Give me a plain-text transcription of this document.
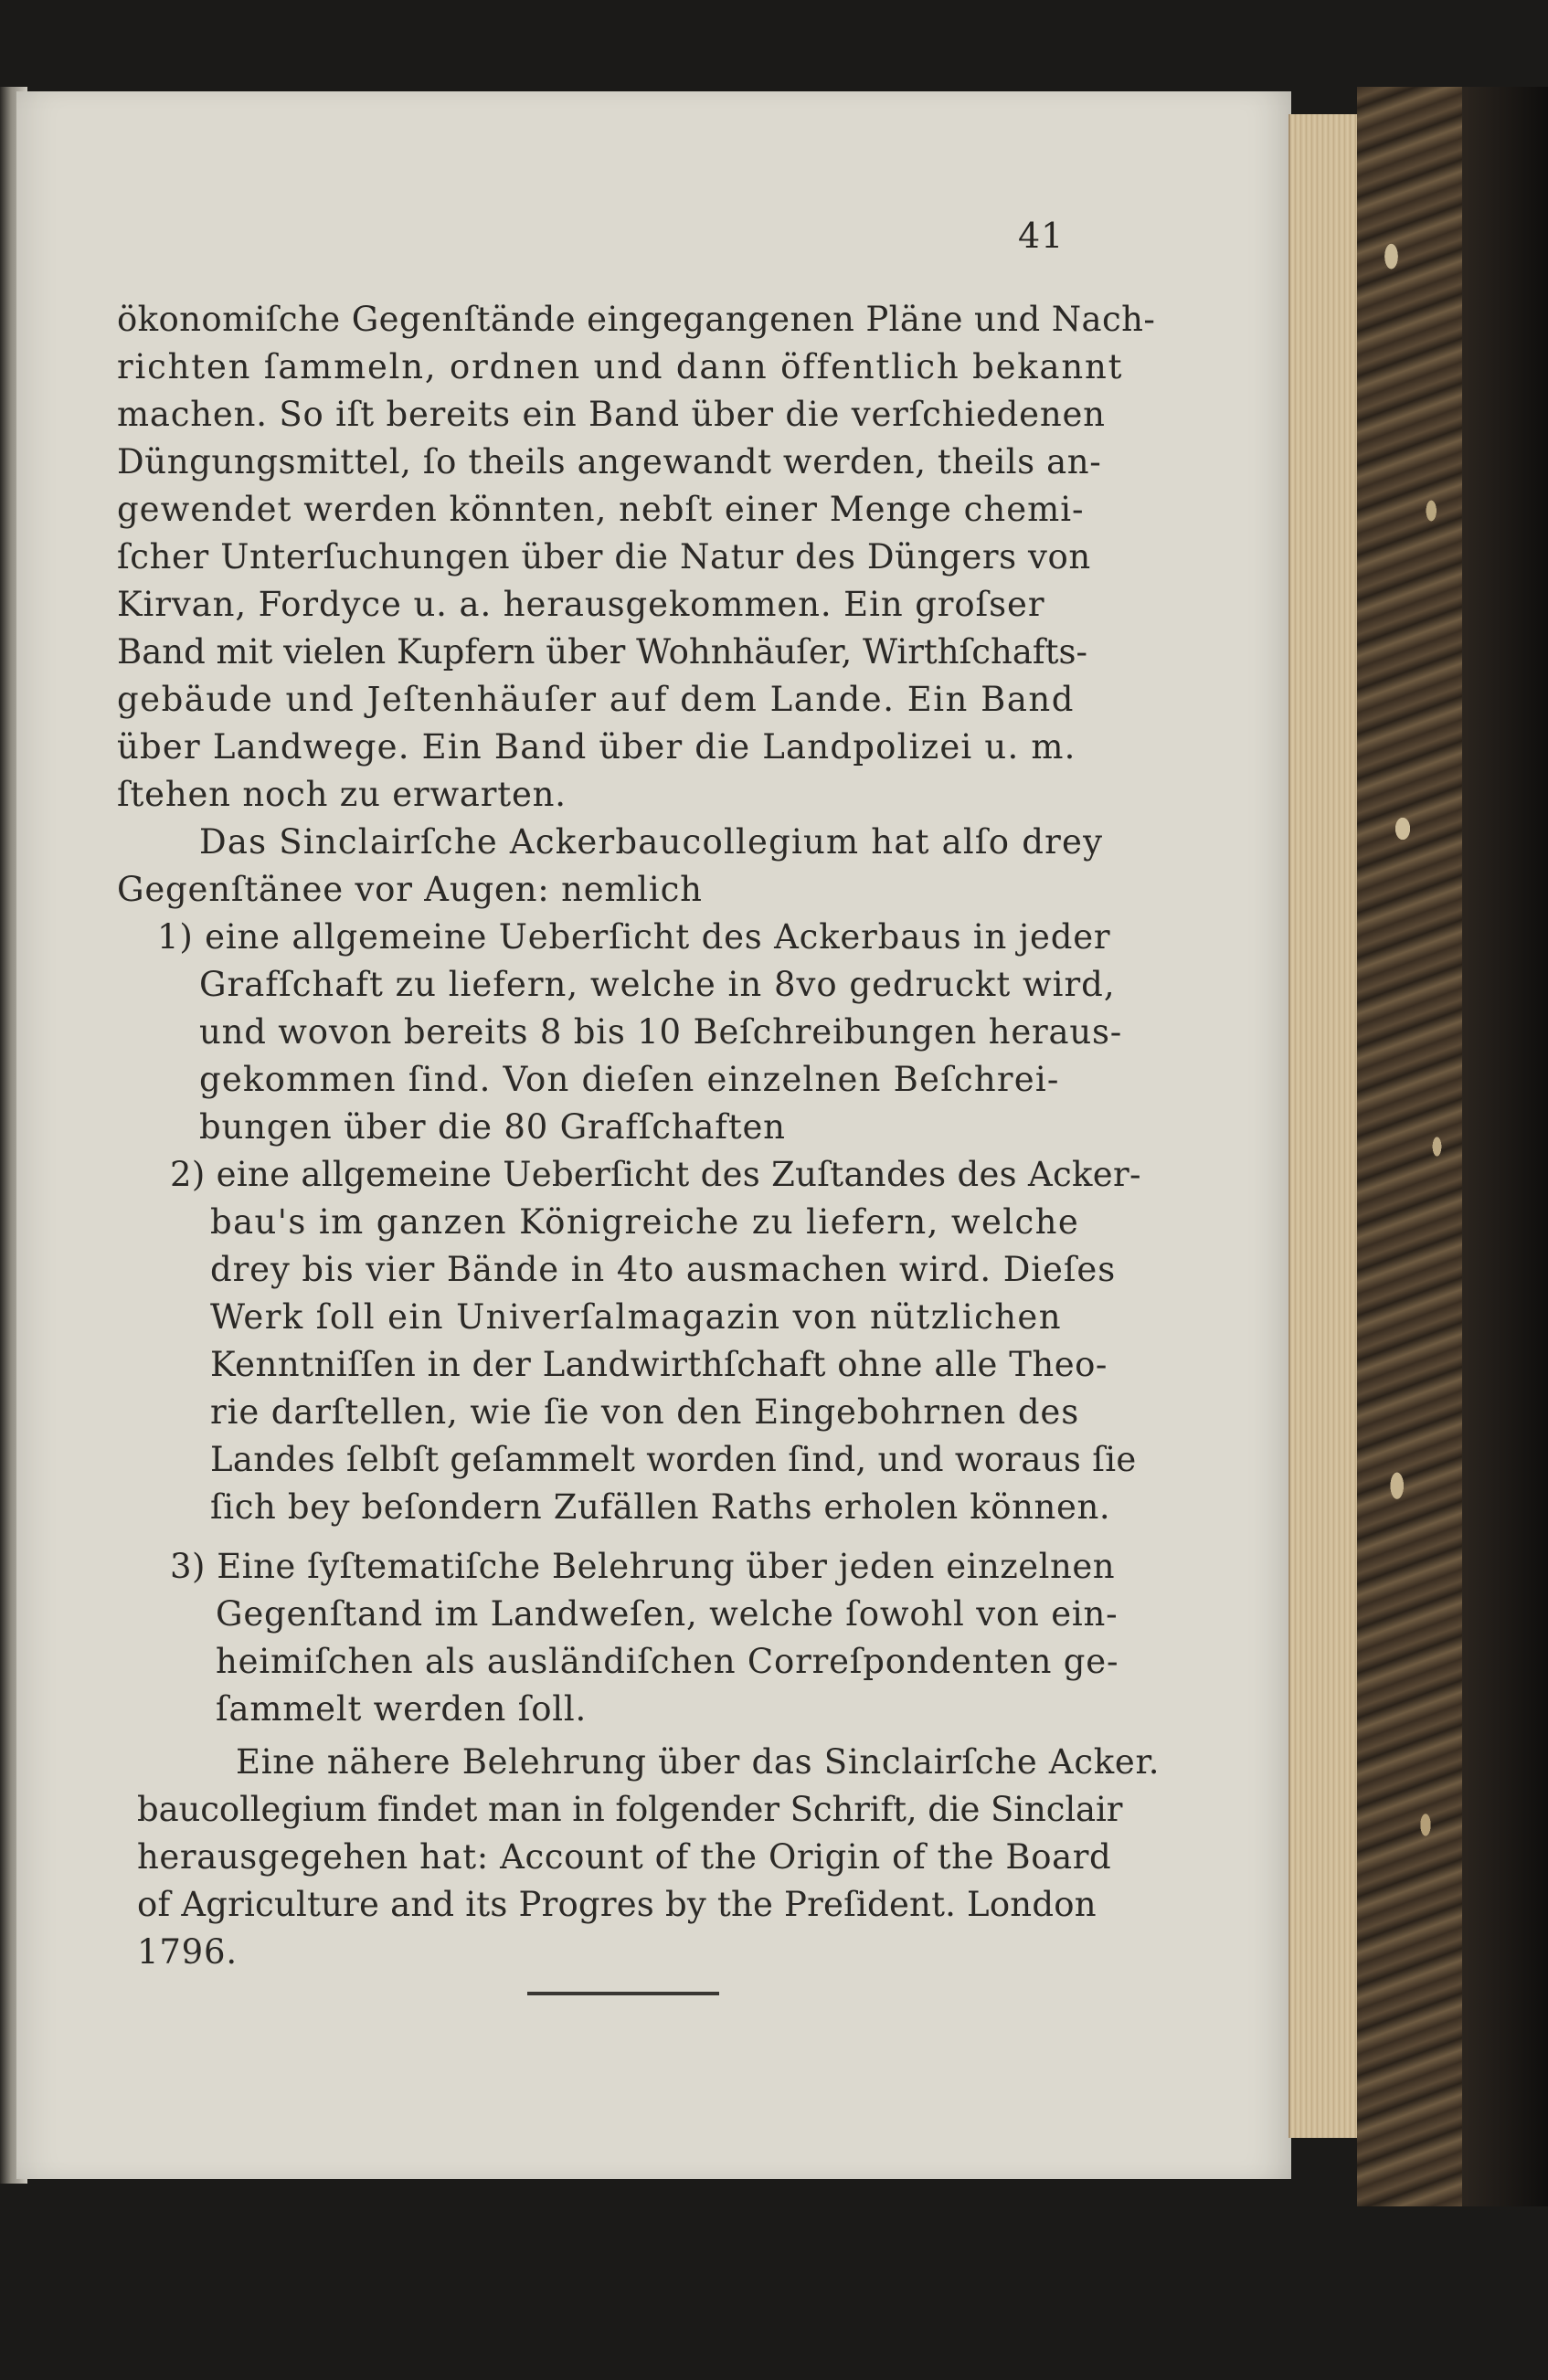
41
ökonomiſche Gegenſtände eingegangenen Pläne und Nach-
richten ſammeln, ordnen und dann öffentlich bekannt
machen. So iſt bereits ein Band über die verſchiedenen
Düngungsmittel, ſo theils angewandt werden, theils an-
gewendet werden könnten, nebſt einer Menge chemi-
ſcher Unterſuchungen über die Natur des Düngers von
Kirvan, Fordyce u. a. herausgekommen. Ein groſser
Band mit vielen Kupfern über Wohnhäuſer, Wirthſchafts-
gebäude und Jeſtenhäuſer auf dem Lande. Ein Band
über Landwege. Ein Band über die Landpolizei u. m.
ſtehen noch zu erwarten.
Das Sinclairſche Ackerbaucollegium hat alſo drey
Gegenſtänee vor Augen: nemlich
1) eine allgemeine Ueberſicht des Ackerbaus in jeder
Grafſchaft zu liefern, welche in 8vo gedruckt wird,
und wovon bereits 8 bis 10 Beſchreibungen heraus-
gekommen ſind. Von dieſen einzelnen Beſchrei-
bungen über die 80 Grafſchaften
2) eine allgemeine Ueberſicht des Zuſtandes des Acker-
bau's im ganzen Königreiche zu liefern, welche
drey bis vier Bände in 4to ausmachen wird. Dieſes
Werk ſoll ein Univerſalmagazin von nützlichen
Kenntniſſen in der Landwirthſchaft ohne alle Theo-
rie darſtellen, wie ſie von den Eingebohrnen des
Landes ſelbſt geſammelt worden ſind, und woraus ſie
ſich bey beſondern Zufällen Raths erholen können.
3) Eine ſyſtematiſche Belehrung über jeden einzelnen
Gegenſtand im Landweſen, welche ſowohl von ein-
heimiſchen als ausländiſchen Correſpondenten ge-
ſammelt werden ſoll.
Eine nähere Belehrung über das Sinclairſche Acker.
baucollegium findet man in folgender Schrift, die Sinclair
herausgegehen hat: Account of the Origin of the Board
of Agriculture and its Progres by the Preſident. London
1796.
